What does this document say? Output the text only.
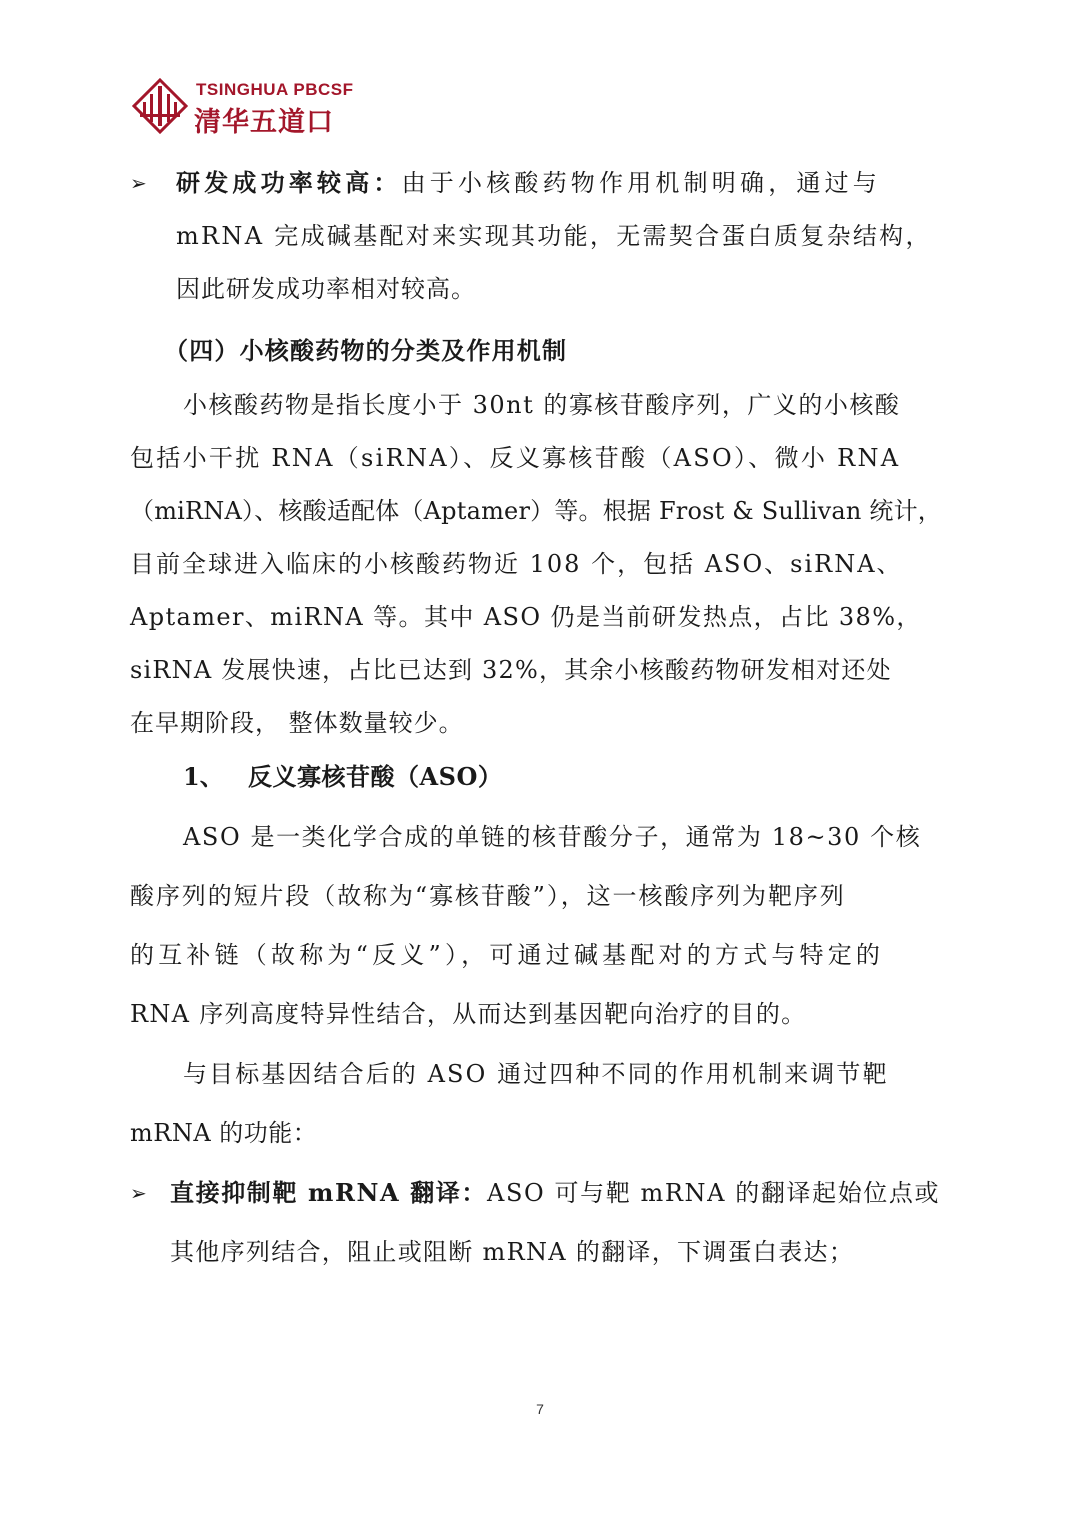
TSINGHUA PBCSF
清华五道口
➢ 研发成功率较高：由于小核酸药物作用机制明确，通过与
mRNA 完成碱基配对来实现其功能，无需契合蛋白质复杂结构，
因此研发成功率相对较高。
（四）小核酸药物的分类及作用机制
小核酸药物是指长度小于 30nt 的寡核苷酸序列，广义的小核酸
包括小干扰 RNA（siRNA）、反义寡核苷酸（ASO）、微小 RNA
（miRNA）、核酸适配体（Aptamer）等。根据 Frost & Sullivan 统计，
目前全球进入临床的小核酸药物近 108 个，包括 ASO、siRNA、
Aptamer、miRNA 等。其中 ASO 仍是当前研发热点，占比 38%，
siRNA 发展快速，占比已达到 32%，其余小核酸药物研发相对还处
在早期阶段， 整体数量较少。
1、 反义寡核苷酸（ASO）
ASO 是一类化学合成的单链的核苷酸分子，通常为 18~30 个核
酸序列的短片段（故称为“寡核苷酸”），这一核酸序列为靶序列
的互补链（故称为“反义”），可通过碱基配对的方式与特定的
RNA 序列高度特异性结合，从而达到基因靶向治疗的目的。
与目标基因结合后的 ASO 通过四种不同的作用机制来调节靶
mRNA 的功能：
➢ 直接抑制靶 mRNA 翻译：ASO 可与靶 mRNA 的翻译起始位点或
其他序列结合，阻止或阻断 mRNA 的翻译，下调蛋白表达；
7
